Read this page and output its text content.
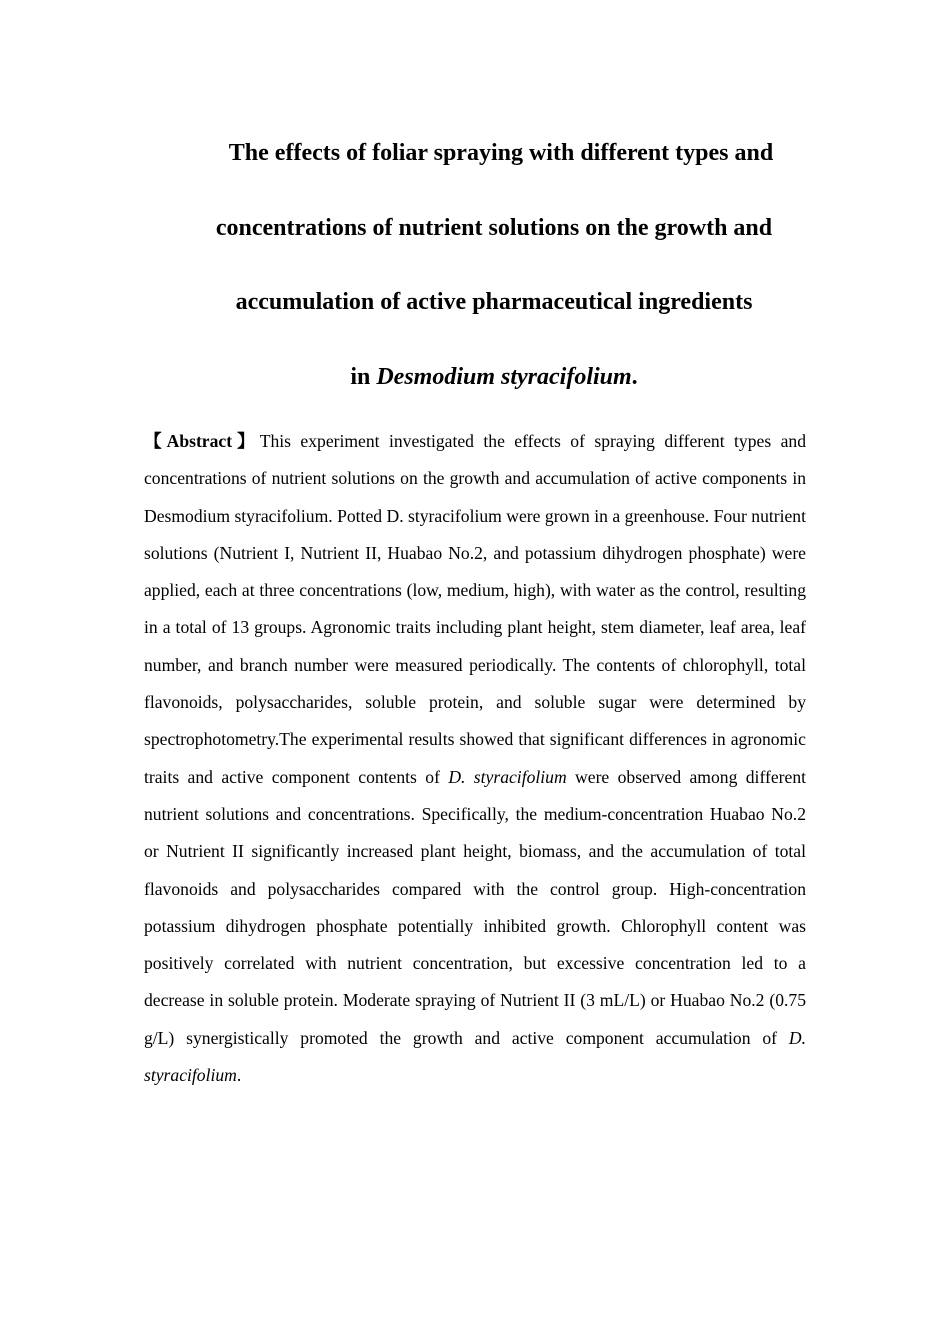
The effects of foliar spraying with different types and
concentrations of nutrient solutions on the growth and
accumulation of active pharmaceutical ingredients
in Desmodium styracifolium.
【Abstract】This experiment investigated the effects of spraying different types and concentrations of nutrient solutions on the growth and accumulation of active components in Desmodium styracifolium. Potted D. styracifolium were grown in a greenhouse. Four nutrient solutions (Nutrient I, Nutrient II, Huabao No.2, and potassium dihydrogen phosphate) were applied, each at three concentrations (low, medium, high), with water as the control, resulting in a total of 13 groups. Agronomic traits including plant height, stem diameter, leaf area, leaf number, and branch number were measured periodically. The contents of chlorophyll, total flavonoids, polysaccharides, soluble protein, and soluble sugar were determined by spectrophotometry.The experimental results showed that significant differences in agronomic traits and active component contents of D. styracifolium were observed among different nutrient solutions and concentrations. Specifically, the medium-concentration Huabao No.2 or Nutrient II significantly increased plant height, biomass, and the accumulation of total flavonoids and polysaccharides compared with the control group. High-concentration potassium dihydrogen phosphate potentially inhibited growth. Chlorophyll content was positively correlated with nutrient concentration, but excessive concentration led to a decrease in soluble protein. Moderate spraying of Nutrient II (3 mL/L) or Huabao No.2 (0.75 g/L) synergistically promoted the growth and active component accumulation of D. styracifolium.
